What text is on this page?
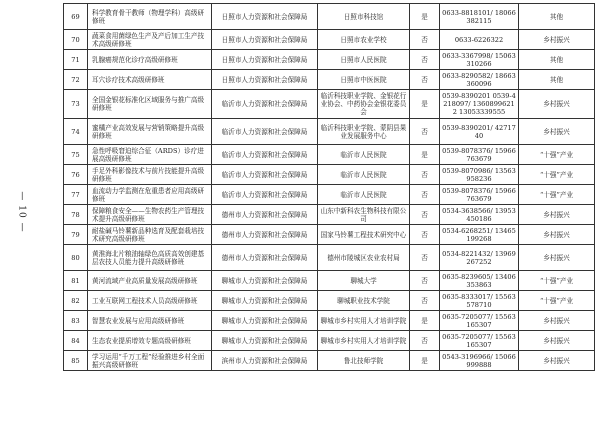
— 10 —
69	科学教育骨干教师（物理学科）高级研修班	日照市人力资源和社会保障局	日照市科技馆	是	0633-8818101/ 18066382115	其他
70	蔬菜食用菌绿色生产及产后加工生产技术高级研修班	日照市人力资源和社会保障局	日照市农业学校	否	0633-6226322	乡村振兴
71	乳腺癌规范化诊疗高级研修班	日照市人力资源和社会保障局	日照市人民医院	否	0633-3367998/ 15063310266	其他
72	耳穴诊疗技术高级研修班	日照市人力资源和社会保障局	日照市中医医院	否	0633-8290582/ 18663360096	其他
73	全国金银花标准化区域服务与推广高级研修班	临沂市人力资源和社会保障局	临沂科技职业学院、金银花行业协会、中药协会金银花委员会	是	0539-8390201 0539-4218097/ 13608996212 13053339555	乡村振兴
74	蜜橘产业高效发展与营销策略提升高级研修班	临沂市人力资源和社会保障局	临沂科技职业学院、蒙阴县果业发展服务中心	否	0539-8390201/ 4271740	乡村振兴
75	急性呼吸窘迫综合征（ARDS）诊疗进展高级研修班	临沂市人力资源和社会保障局	临沂市人民医院	是	0539-8078376/ 15966763679	“十强”产业
76	手足外科影像技术与前片技能提升高级研修班	临沂市人力资源和社会保障局	临沂市人民医院	否	0539-8070986/ 13563958236	“十强”产业
77	血流动力学监测在危重患者应用高级研修班	临沂市人力资源和社会保障局	临沂市人民医院	否	0539-8078376/ 15966763679	“十强”产业
78	保障粮食安全——生物农药生产管理技术提升高级研修班	德州市人力资源和社会保障局	山东中新科农生物科技有限公司	否	0534-3638566/ 13953450186	乡村振兴
79	耐盐碱马铃薯新品种选育及配套栽培技术研究高级研修班	德州市人力资源和社会保障局	国家马铃薯工程技术研究中心	否	0534-6268251/ 13465199268	乡村振兴
80	黄淮海北片粮油轴绿色高质高效创建基层农技人员能力提升高级研修班	德州市人力资源和社会保障局	德州市陵城区农业农村局	否	0534-8221432/ 13969267252	乡村振兴
81	黄河流域产业高质量发展高级研修班	聊城市人力资源和社会保障局	聊城大学	否	0635-8239605/ 13406353863	“十强”产业
82	工业互联网工程技术人员高级研修班	聊城市人力资源和社会保障局	聊城职业技术学院	否	0635-8333017/ 15563578710	“十强”产业
83	智慧农业发展与应用高级研修班	聊城市人力资源和社会保障局	聊城市乡村实用人才培训学院	是	0635-7205077/ 15563165307	乡村振兴
84	生态农业提质增效专题高级研修班	聊城市人力资源和社会保障局	聊城市乡村实用人才培训学院	否	0635-7205077/ 15563165307	乡村振兴
85	学习运用“千万工程”经验推进乡村全面振兴高级研修班	滨州市人力资源和社会保障局	鲁北技师学院	是	0543-3196966/ 15066999888	乡村振兴
